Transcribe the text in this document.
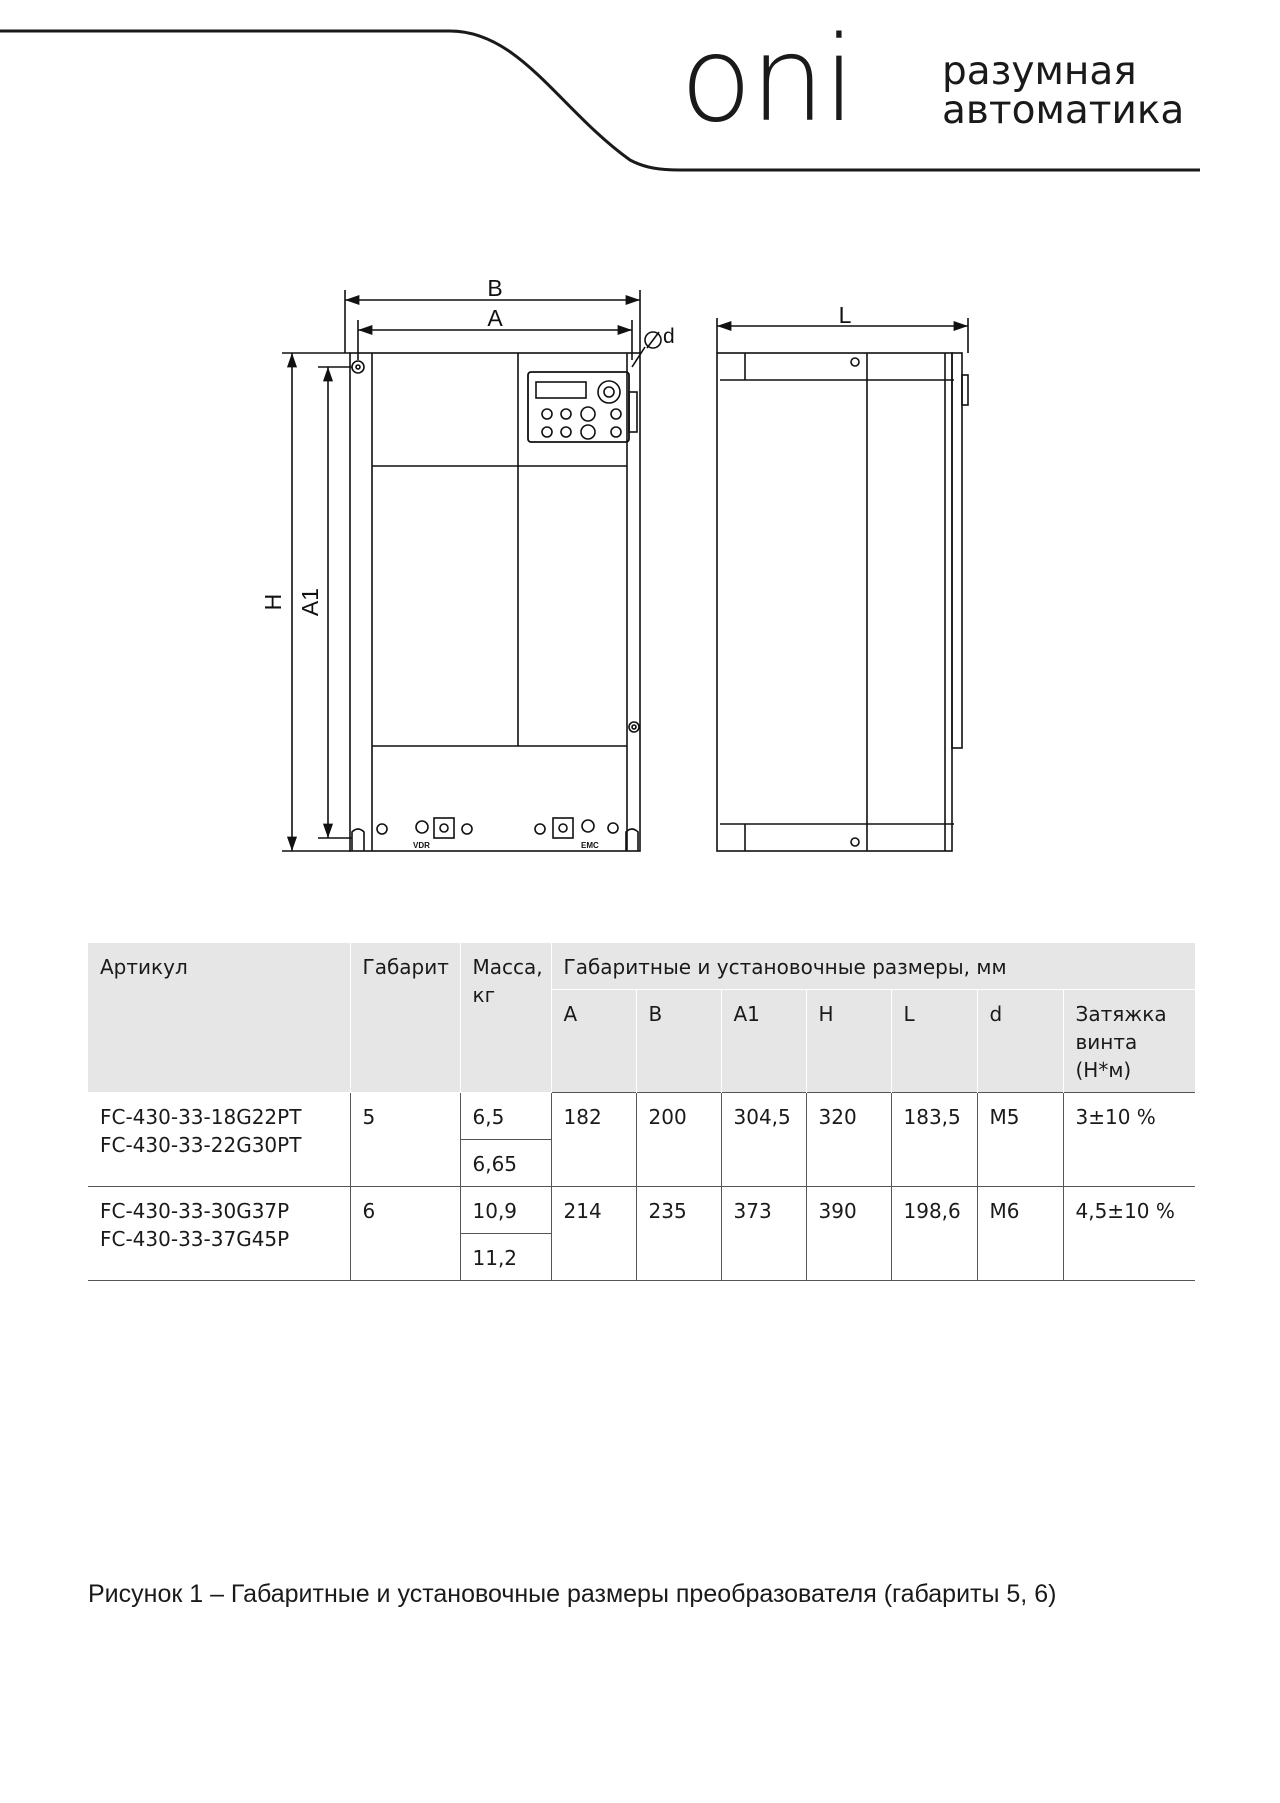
oni разумная
автоматика
B
A	L
d
H A1
VDR	EMC
Артикул	Габарит	Масса, кг	Габаритные и установочные размеры, мм						
			A	B	A1	H	L	d	Затяжка винта (Н*м)

FC-430-33-18G22PT
FC-430-33-22G30PT	5	6,5	182	200	304,5	320	183,5	M5	3±10 %
		6,65							

FC-430-33-30G37P
FC-430-33-37G45P	6	10,9	214	235	373	390	198,6	M6	4,5±10 %
		11,2							
Рисунок 1 – Габаритные и установочные размеры преобразователя (габариты 5, 6)
